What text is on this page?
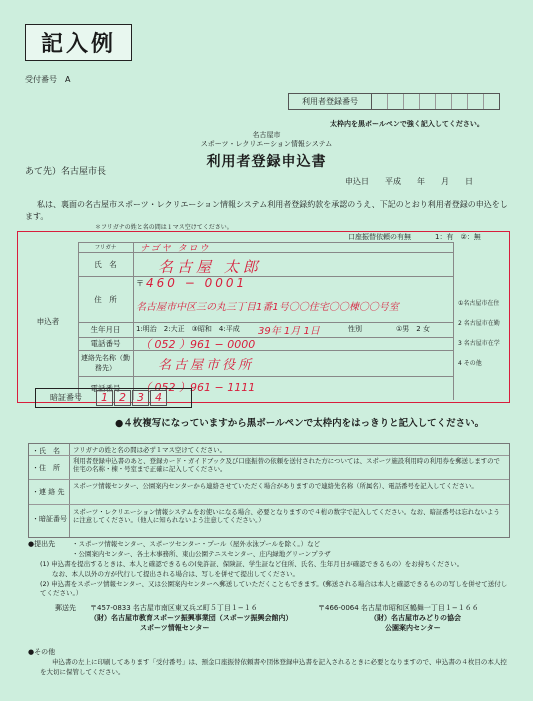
記入例
受付番号　A
利用者登録番号
太枠内を黒ボールペンで強く記入してください。
名古屋市
スポーツ・レクリエーション情報システム
利用者登録申込書
あて先）名古屋市長
申込日　　平成　　年　　月　　日
私は、裏面の名古屋市スポーツ・レクリエーション情報システム利用者登録約款を承認のうえ、下記のとおり利用者登録の申込をします。
＊フリガナの姓と名の間は１マス空けてください。
口座振替依頼の有無	1：有　②：無
申込者
フリガナ	ナゴヤ タロウ
氏　名	名古屋 太郎
住　所
〒 460 − 0001
名古屋市中区三の丸三丁目1番1号〇〇住宅〇〇棟〇〇号室
生年月日	1:明治　2:大正　③昭和　4:平成 39年 1月 1日	性別	①男　2 女
電話番号	（ 052 ）961 − 0000
連絡先名称（勤務先）	名古屋市役所
電話番号	（ 052 ）961 − 1111
①名古屋市在住
2 名古屋市在勤
3 名古屋市在学
4 その他
暗証番号	1	2	3	4
●４枚複写になっていますから黒ボールペンで太枠内をはっきりと記入してください。
・氏　名	フリガナの姓と名の間は必ず１マス空けてください。
・住　所
利用者登録申込書のあと、登録カード・ガイドブック及び口座振替の依頼を送付された方については、スポーツ施設利用時の利用券を郵送しますので住宅の名称・棟・号室まで正確に記入してください。
・連 絡 先
スポーツ情報センター、公園案内センターから連絡させていただく場合がありますので連絡先名称（所属名）、電話番号を記入してください。
・暗証番号
スポーツ・レクリエーション情報システムをお使いになる場合、必要となりますので４桁の数字で記入してください。なお、暗証番号は忘れないように注意してください。（他人に知られないよう注意してください。）
●提出先	・スポーツ情報センター、スポーツセンター・プール（屋外水泳プールを除く。）など
・公園案内センター、各土木事務所、東山公園テニスセンター、庄内緑地グリーンプラザ
(1) 申込書を提出するときは、本人と確認できるもの(免許証、保険証、学生証など住所、氏名、生年月日が確認できるもの）をお持ちください。
なお、本人以外の方が代行して提出される場合は、写しを併せて提出してください。
(2) 申込書をスポーツ情報センター、又は公園案内センターへ郵送していただくこともできます。(郵送される場合は本人と確認できるものの写しを併せて送付してください。）
郵送先 〒457-0833 名古屋市南区東又兵ヱ町５丁目１−１６
（財）名古屋市教育スポーツ振興事業団（スポーツ振興会館内）
スポーツ情報センター
〒466-0064 名古屋市昭和区鶴舞一丁目１−１６６
（財）名古屋市みどりの協会
公園案内センター
●その他
申込書の左上に印刷してあります「受付番号」は、預金口座振替依頼書や団体登録申込書を記入されるときに必要となりますので、申込書の４枚目の本人控を大切に保管してください。
